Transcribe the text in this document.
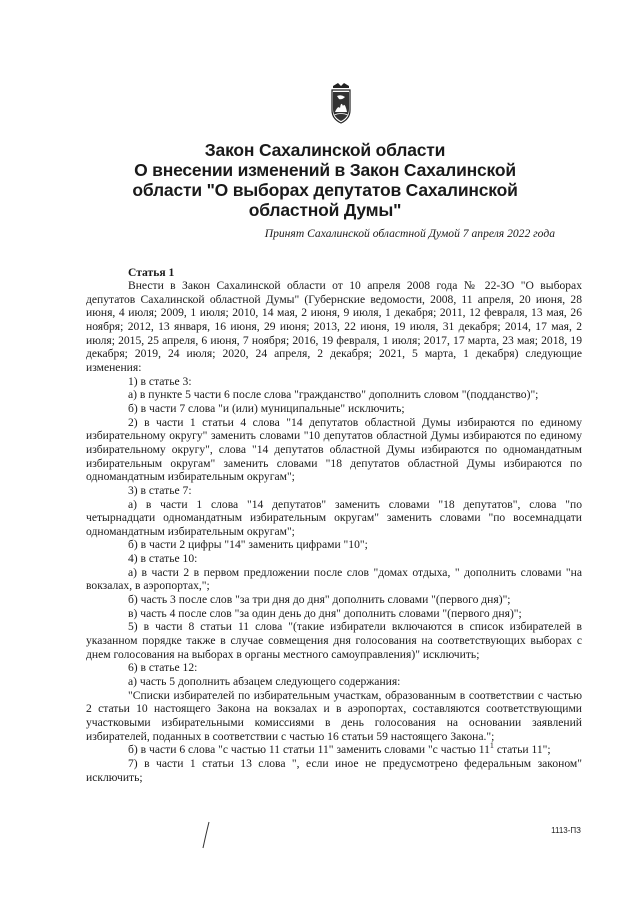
Закон Сахалинской области
О внесении изменений в Закон Сахалинской
области "О выборах депутатов Сахалинской
областной Думы"
Принят Сахалинской областной Думой 7 апреля 2022 года
Статья 1

Внести в Закон Сахалинской области от 10 апреля 2008 года № 22-ЗО "О выборах депутатов Сахалинской областной Думы" (Губернские ведомости, 2008, 11 апреля, 20 июня, 28 июня, 4 июля; 2009, 1 июля; 2010, 14 мая, 2 июня, 9 июля, 1 декабря; 2011, 12 февраля, 13 мая, 26 ноября; 2012, 13 января, 16 июня, 29 июня; 2013, 22 июня, 19 июля, 31 декабря; 2014, 17 мая, 2 июля; 2015, 25 апреля, 6 июня, 7 ноября; 2016, 19 февраля, 1 июля; 2017, 17 марта, 23 мая; 2018, 19 декабря; 2019, 24 июля; 2020, 24 апреля, 2 декабря; 2021, 5 марта, 1 декабря) следующие изменения:

1) в статье 3:

а) в пункте 5 части 6 после слова "гражданство" дополнить словом "(подданство)";

б) в части 7 слова "и (или) муниципальные" исключить;

2) в части 1 статьи 4 слова "14 депутатов областной Думы избираются по единому избирательному округу" заменить словами "10 депутатов областной Думы избираются по единому избирательному округу", слова "14 депутатов областной Думы избираются по одномандатным избирательным округам" заменить словами "18 депутатов областной Думы избираются по одномандатным избирательным округам";

3) в статье 7:

а) в части 1 слова "14 депутатов" заменить словами "18 депутатов", слова "по четырнадцати одномандатным избирательным округам" заменить словами "по восемнадцати одномандатным избирательным округам";

б) в части 2 цифры "14" заменить цифрами "10";

4) в статье 10:

а) в части 2 в первом предложении после слов "домах отдыха, " дополнить словами "на вокзалах, в аэропортах,";

б) часть 3 после слов "за три дня до дня" дополнить словами "(первого дня)";

в) часть 4 после слов "за один день до дня" дополнить словами "(первого дня)";

5) в части 8 статьи 11 слова "(такие избиратели включаются в список избирателей в указанном порядке также в случае совмещения дня голосования на соответствующих выборах с днем голосования на выборах в органы местного самоуправления)" исключить;

6) в статье 12:

а) часть 5 дополнить абзацем следующего содержания:

"Списки избирателей по избирательным участкам, образованным в соответствии с частью 2 статьи 10 настоящего Закона на вокзалах и в аэропортах, составляются соответствующими участковыми избирательными комиссиями в день голосования на основании заявлений избирателей, поданных в соответствии с частью 16 статьи 59 настоящего Закона.";

б) в части 6 слова "с частью 11 статьи 11" заменить словами "с частью $11^1$ статьи 11";

7) в части 1 статьи 13 слова ", если иное не предусмотрено федеральным законом" исключить;

1113-ПЗ
